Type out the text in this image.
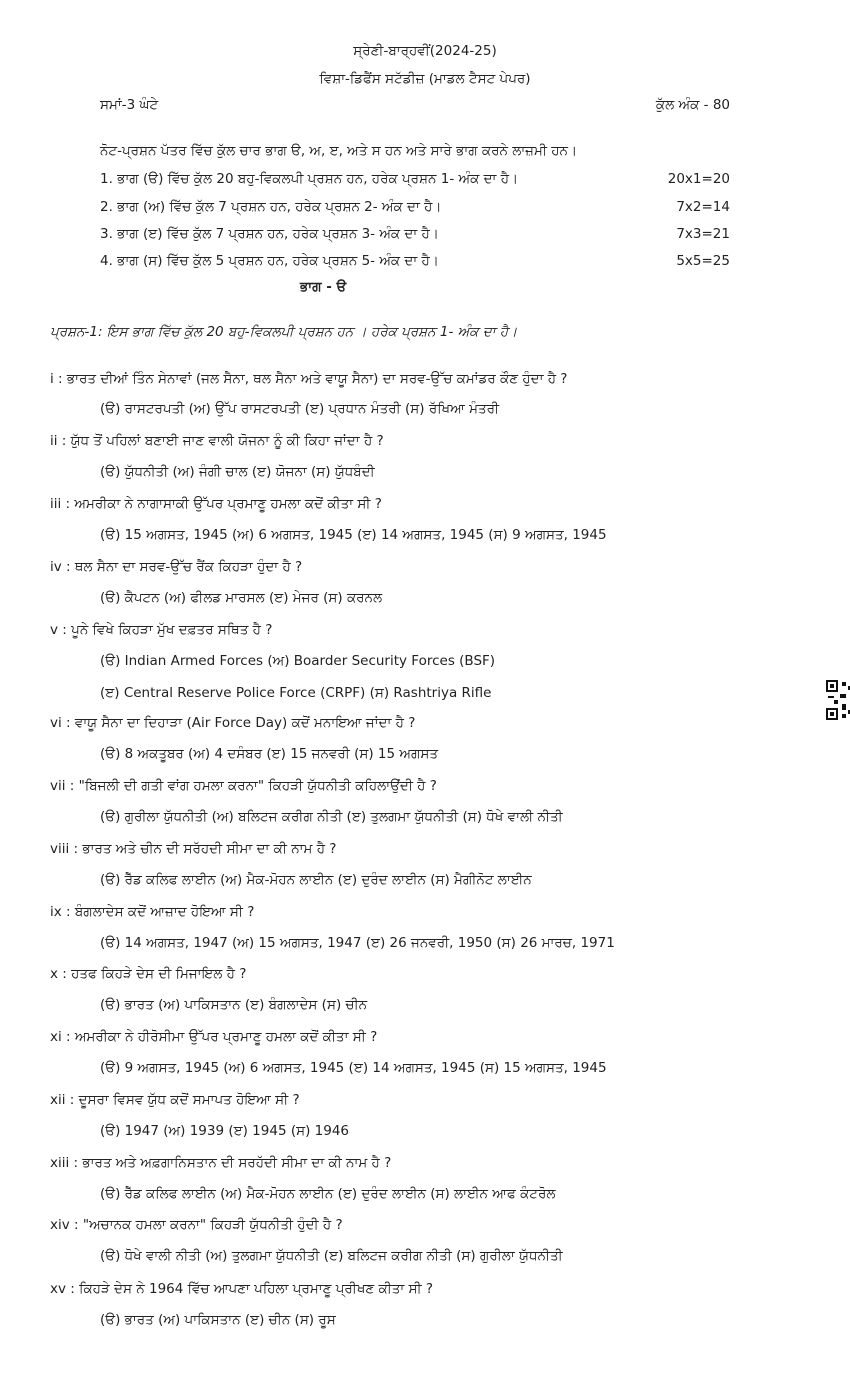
ਸ੍ਰੇਣੀ-ਬਾਰ੍ਹਵੀਂ(2024-25)
ਵਿਸ਼ਾ-ਡਿਫੈਂਸ ਸਟੱਡੀਜ਼ (ਮਾਡਲ ਟੈਸਟ ਪੇਪਰ)
ਸਮਾਂ-3 ਘੰਟੇ	ਕੁੱਲ ਅੰਕ - 80
ਨੋਟ-ਪ੍ਰਸ਼ਨ ਪੱਤਰ ਵਿੱਚ ਕੁੱਲ ਚਾਰ ਭਾਗ ੳ, ਅ, ੲ, ਅਤੇ ਸ ਹਨ ਅਤੇ ਸਾਰੇ ਭਾਗ ਕਰਨੇ ਲਾਜ਼ਮੀ ਹਨ।
1. ਭਾਗ (ੳ) ਵਿੱਚ ਕੁੱਲ 20 ਬਹੁ-ਵਿਕਲਪੀ ਪ੍ਰਸ਼ਨ ਹਨ, ਹਰੇਕ ਪ੍ਰਸ਼ਨ 1- ਅੰਕ ਦਾ ਹੈ।	20x1=20
2. ਭਾਗ (ਅ) ਵਿੱਚ ਕੁੱਲ 7 ਪ੍ਰਸ਼ਨ ਹਨ, ਹਰੇਕ ਪ੍ਰਸ਼ਨ 2- ਅੰਕ ਦਾ ਹੈ।	7x2=14
3. ਭਾਗ (ੲ) ਵਿੱਚ ਕੁੱਲ 7 ਪ੍ਰਸ਼ਨ ਹਨ, ਹਰੇਕ ਪ੍ਰਸ਼ਨ 3- ਅੰਕ ਦਾ ਹੈ।	7x3=21
4. ਭਾਗ (ਸ) ਵਿੱਚ ਕੁੱਲ 5 ਪ੍ਰਸ਼ਨ ਹਨ, ਹਰੇਕ ਪ੍ਰਸ਼ਨ 5- ਅੰਕ ਦਾ ਹੈ।	5x5=25
ਭਾਗ - ੳ
ਪ੍ਰਸ਼ਨ-1: ਇਸ ਭਾਗ ਵਿੱਚ ਕੁੱਲ 20 ਬਹੁ-ਵਿਕਲਪੀ ਪ੍ਰਸ਼ਨ ਹਨ । ਹਰੇਕ ਪ੍ਰਸ਼ਨ 1- ਅੰਕ ਦਾ ਹੈ।
i : ਭਾਰਤ ਦੀਆਂ ਤਿੰਨ ਸੇਨਾਵਾਂ (ਜਲ ਸੈਨਾ, ਥਲ ਸੈਨਾ ਅਤੇ ਵਾਯੂ ਸੈਨਾ) ਦਾ ਸਰਵ-ਉੱਚ ਕਮਾਂਡਰ ਕੌਣ ਹੁੰਦਾ ਹੈ ?
(ੳ) ਰਾਸਟਰਪਤੀ (ਅ) ਉੱਪ ਰਾਸਟਰਪਤੀ (ੲ) ਪ੍ਰਧਾਨ ਮੰਤਰੀ (ਸ) ਰੱਖਿਆ ਮੰਤਰੀ
ii : ਯੁੱਧ ਤੋਂ ਪਹਿਲਾਂ ਬਣਾਈ ਜਾਣ ਵਾਲੀ ਯੋਜਨਾ ਨੂੰ ਕੀ ਕਿਹਾ ਜਾਂਦਾ ਹੈ ?
(ੳ) ਯੁੱਧਨੀਤੀ (ਅ) ਜੰਗੀ ਚਾਲ (ੲ) ਯੋਜਨਾ (ਸ) ਯੁੱਧਬੰਦੀ
iii : ਅਮਰੀਕਾ ਨੇ ਨਾਗਾਸਾਕੀ ਉੱਪਰ ਪ੍ਰਮਾਣੂ ਹਮਲਾ ਕਦੋਂ ਕੀਤਾ ਸੀ ?
(ੳ) 15 ਅਗਸਤ, 1945 (ਅ) 6 ਅਗਸਤ, 1945 (ੲ) 14 ਅਗਸਤ, 1945 (ਸ) 9 ਅਗਸਤ, 1945
iv : ਥਲ ਸੈਨਾ ਦਾ ਸਰਵ-ਉੱਚ ਰੈਂਕ ਕਿਹੜਾ ਹੁੰਦਾ ਹੈ ?
(ੳ) ਕੈਪਟਨ (ਅ) ਫੀਲਡ ਮਾਰਸਲ (ੲ) ਮੇਜਰ (ਸ) ਕਰਨਲ
v : ਪੂਨੇ ਵਿਖੇ ਕਿਹੜਾ ਮੁੱਖ ਦਫ਼ਤਰ ਸਥਿਤ ਹੈ ?
(ੳ) Indian Armed Forces (ਅ) Boarder Security Forces (BSF)
(ੲ) Central Reserve Police Force (CRPF) (ਸ) Rashtriya Rifle
vi : ਵਾਯੂ ਸੈਨਾ ਦਾ ਦਿਹਾੜਾ (Air Force Day) ਕਦੋਂ ਮਨਾਇਆ ਜਾਂਦਾ ਹੈ ?
(ੳ) 8 ਅਕਤੂਬਰ (ਅ) 4 ਦਸੰਬਰ (ੲ) 15 ਜਨਵਰੀ (ਸ) 15 ਅਗਸਤ
vii : "ਬਿਜਲੀ ਦੀ ਗਤੀ ਵਾਂਗ ਹਮਲਾ ਕਰਨਾ" ਕਿਹੜੀ ਯੁੱਧਨੀਤੀ ਕਹਿਲਾਉਂਦੀ ਹੈ ?
(ੳ) ਗੁਰੀਲਾ ਯੁੱਧਨੀਤੀ (ਅ) ਬਲਿਟਜ ਕਰੀਗ ਨੀਤੀ (ੲ) ਤੁਲਗਮਾ ਯੁੱਧਨੀਤੀ (ਸ) ਧੋਖੇ ਵਾਲੀ ਨੀਤੀ
viii : ਭਾਰਤ ਅਤੇ ਚੀਨ ਦੀ ਸਰੱਹਦੀ ਸੀਮਾ ਦਾ ਕੀ ਨਾਮ ਹੈ ?
(ੳ) ਰੈੱਡ ਕਲਿਫ ਲਾਈਨ (ਅ) ਮੈਕ-ਮੋਹਨ ਲਾਈਨ (ੲ) ਦੁਰੰਦ ਲਾਈਨ (ਸ) ਮੈਗੀਨੋਟ ਲਾਈਨ
ix : ਬੰਗਲਾਦੇਸ ਕਦੋਂ ਆਜ਼ਾਦ ਹੋਇਆ ਸੀ ?
(ੳ) 14 ਅਗਸਤ, 1947 (ਅ) 15 ਅਗਸਤ, 1947 (ੲ) 26 ਜਨਵਰੀ, 1950 (ਸ) 26 ਮਾਰਚ, 1971
x : ਹਤਫ ਕਿਹੜੇ ਦੇਸ ਦੀ ਮਿਜਾਇਲ ਹੈ ?
(ੳ) ਭਾਰਤ (ਅ) ਪਾਕਿਸਤਾਨ (ੲ) ਬੰਗਲਾਦੇਸ (ਸ) ਚੀਨ
xi : ਅਮਰੀਕਾ ਨੇ ਹੀਰੋਸੀਮਾ ਉੱਪਰ ਪ੍ਰਮਾਣੂ ਹਮਲਾ ਕਦੋਂ ਕੀਤਾ ਸੀ ?
(ੳ) 9 ਅਗਸਤ, 1945 (ਅ) 6 ਅਗਸਤ, 1945 (ੲ) 14 ਅਗਸਤ, 1945 (ਸ) 15 ਅਗਸਤ, 1945
xii : ਦੂਸਰਾ ਵਿਸਵ ਯੁੱਧ ਕਦੋਂ ਸਮਾਪਤ ਹੋਇਆ ਸੀ ?
(ੳ) 1947 (ਅ) 1939 (ੲ) 1945 (ਸ) 1946
xiii : ਭਾਰਤ ਅਤੇ ਅਫ਼ਗਾਨਿਸਤਾਨ ਦੀ ਸਰਹੱਦੀ ਸੀਮਾ ਦਾ ਕੀ ਨਾਮ ਹੈ ?
(ੳ) ਰੈੱਡ ਕਲਿਫ ਲਾਈਨ (ਅ) ਮੈਕ-ਮੋਹਨ ਲਾਈਨ (ੲ) ਦੁਰੰਦ ਲਾਈਨ (ਸ) ਲਾਈਨ ਆਫ ਕੰਟਰੋਲ
xiv : "ਅਚਾਨਕ ਹਮਲਾ ਕਰਨਾ" ਕਿਹੜੀ ਯੁੱਧਨੀਤੀ ਹੁੰਦੀ ਹੈ ?
(ੳ) ਧੋਖੇ ਵਾਲੀ ਨੀਤੀ (ਅ) ਤੁਲਗਮਾ ਯੁੱਧਨੀਤੀ (ੲ) ਬਲਿਟਜ ਕਰੀਗ ਨੀਤੀ (ਸ) ਗੁਰੀਲਾ ਯੁੱਧਨੀਤੀ
xv : ਕਿਹੜੇ ਦੇਸ ਨੇ 1964 ਵਿੱਚ ਆਪਣਾ ਪਹਿਲਾ ਪ੍ਰਮਾਣੂ ਪ੍ਰੀਖਣ ਕੀਤਾ ਸੀ ?
(ੳ) ਭਾਰਤ (ਅ) ਪਾਕਿਸਤਾਨ (ੲ) ਚੀਨ (ਸ) ਰੂਸ
